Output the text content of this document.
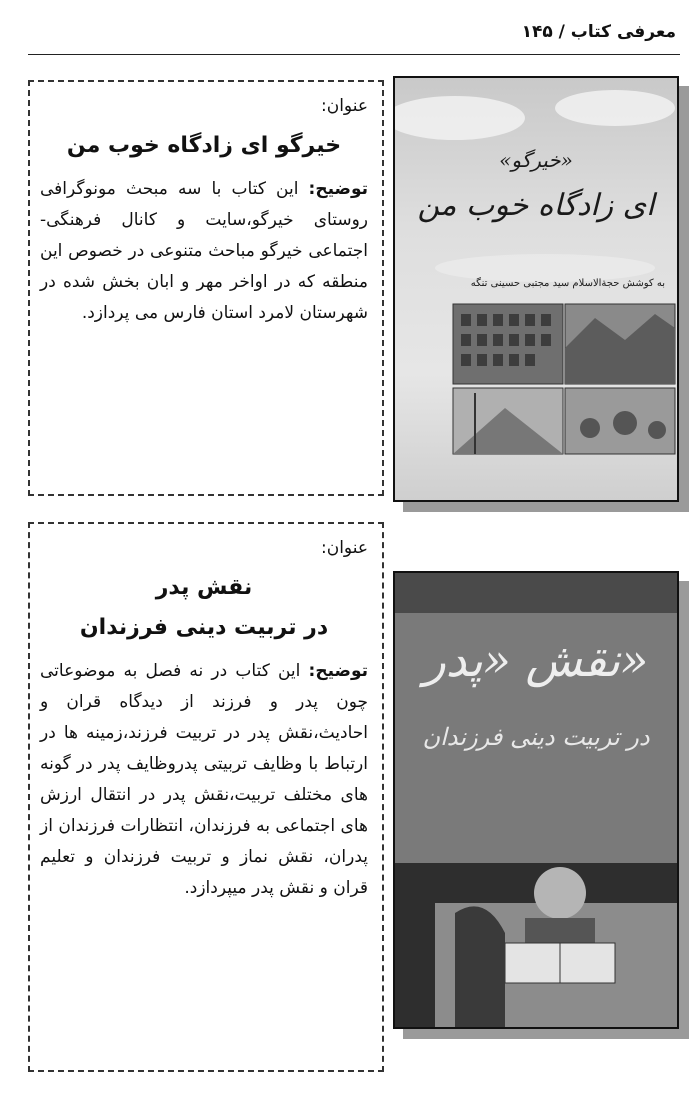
معرفی کتاب / ۱۴۵
عنوان:
خیرگو ای زادگاه خوب من
توضیح: این کتاب با سه مبحث مونوگرافی روستای خیرگو،سایت و کانال فرهنگی-اجتماعی خیرگو مباحث متنوعی در خصوص این منطقه که در اواخر مهر و ابان بخش شده در شهرستان لامرد استان فارس می پردازد.
«خیرگو»
ای زادگاه خوب من
به کوشش حجةالاسلام سید مجتبی حسینی تنگه
عنوان:
نقش پدر
در تربیت دینی فرزندان
توضیح: این کتاب در نه فصل به موضوعاتی چون پدر و فرزند از دیدگاه قران و احادیث،نقش پدر در تربیت فرزند،زمینه ها در ارتباط با وظایف تربیتی پدروظایف پدر در گونه های مختلف تربیت،نقش پدر در انتقال ارزش های اجتماعی به فرزندان، انتظارات فرزندان از پدران، نقش نماز و تربیت فرزندان و تعلیم قران و نقش پدر میپردازد.
نقش «پدر»
در تربیت دینی فرزندان
